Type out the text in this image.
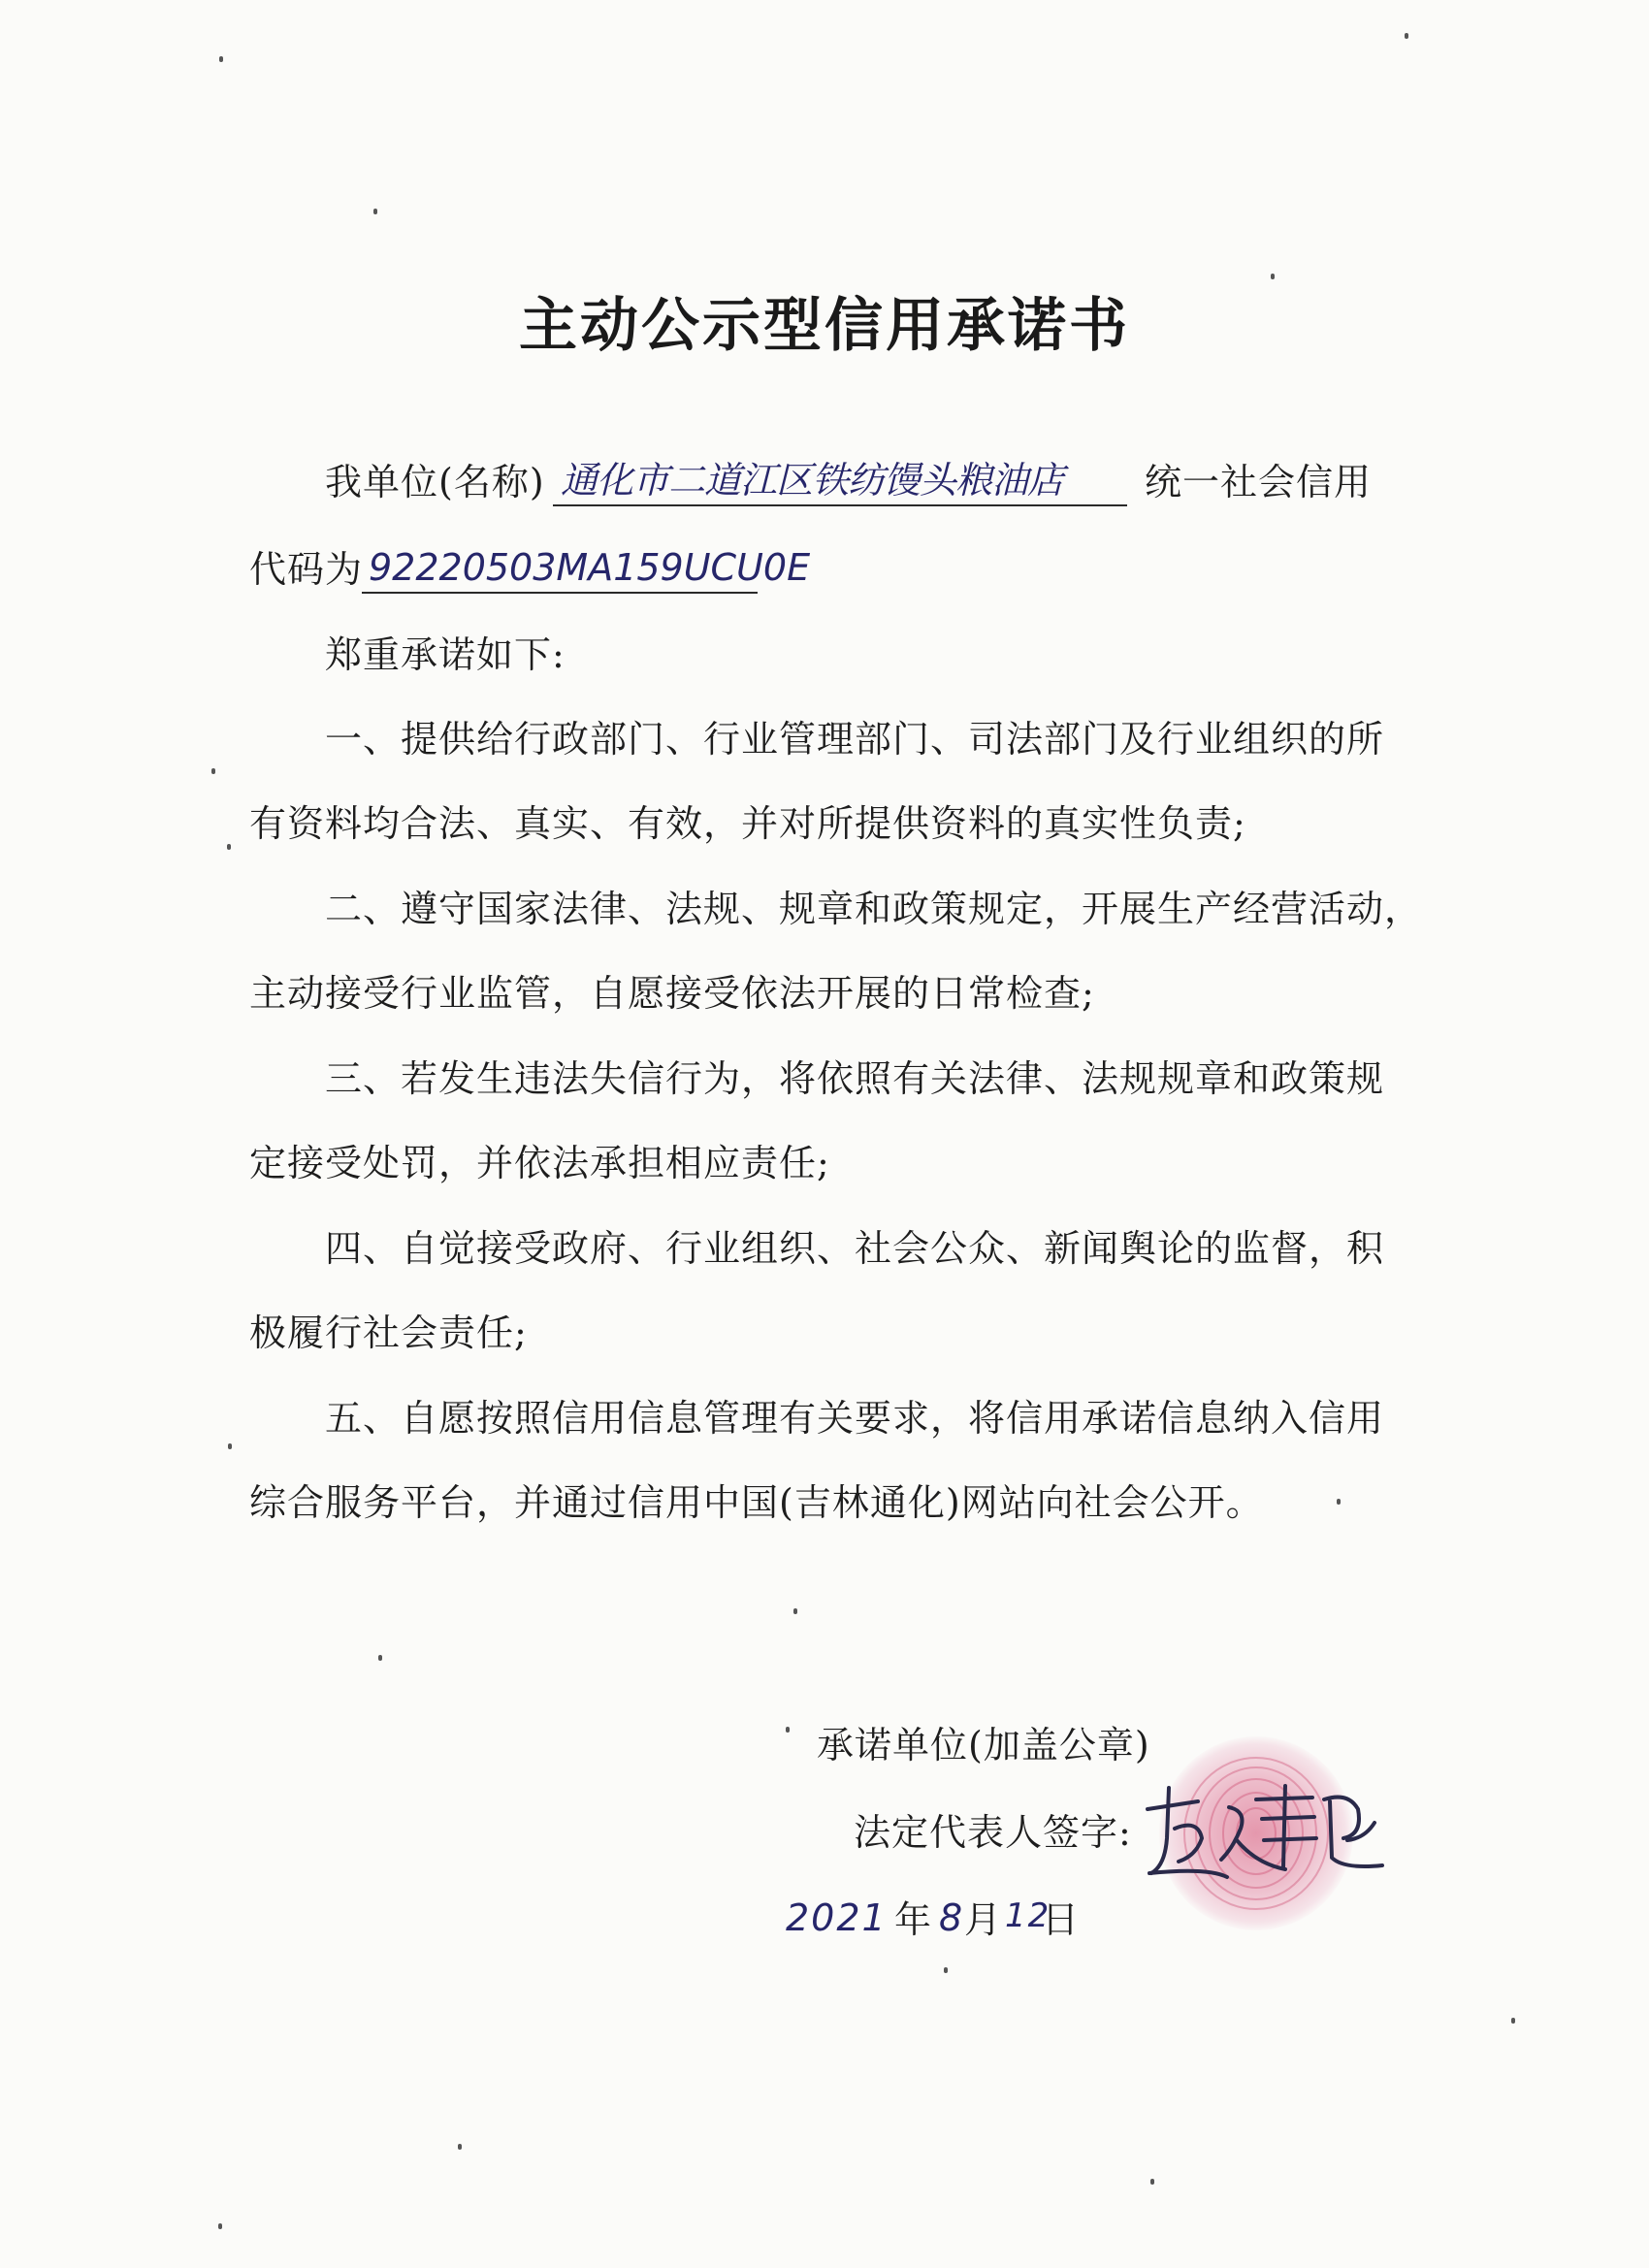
主动公示型信用承诺书
我单位(名称) 通化市二道江区铁纺馒头粮油店 统一社会信用
代码为 92220503MA159UCU0E
郑重承诺如下:
一、提供给行政部门、行业管理部门、司法部门及行业组织的所
有资料均合法、真实、有效，并对所提供资料的真实性负责;
二、遵守国家法律、法规、规章和政策规定，开展生产经营活动，
主动接受行业监管，自愿接受依法开展的日常检查;
三、若发生违法失信行为，将依照有关法律、法规规章和政策规
定接受处罚，并依法承担相应责任;
四、自觉接受政府、行业组织、社会公众、新闻舆论的监督，积
极履行社会责任;
五、自愿按照信用信息管理有关要求，将信用承诺信息纳入信用
综合服务平台，并通过信用中国(吉林通化)网站向社会公开。
承诺单位(加盖公章)
法定代表人签字:
2021 年 8 月 12
日
